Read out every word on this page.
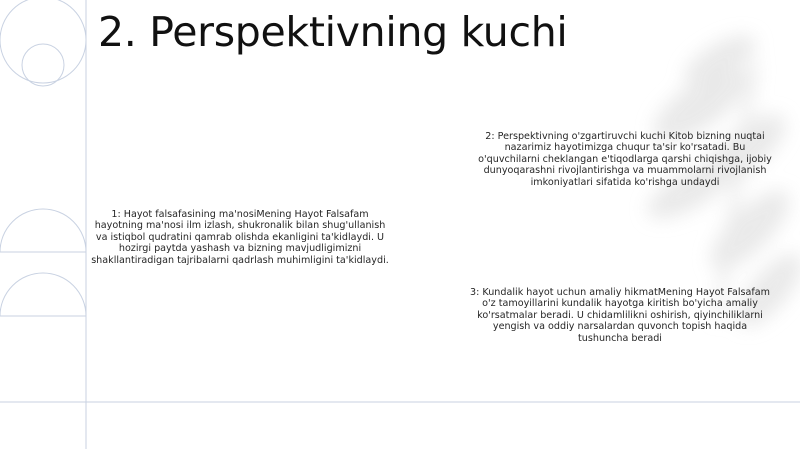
2. Perspektivning kuchi
1: Hayot falsafasining ma'nosiMening Hayot Falsafam hayotning ma'nosi ilm izlash, shukronalik bilan shug'ullanish va istiqbol qudratini qamrab olishda ekanligini ta'kidlaydi. U hozirgi paytda yashash va bizning mavjudligimizni shakllantiradigan tajribalarni qadrlash muhimligini ta'kidlaydi.
2: Perspektivning o'zgartiruvchi kuchi Kitob bizning nuqtai nazarimiz hayotimizga chuqur ta'sir ko'rsatadi. Bu o'quvchilarni cheklangan e'tiqodlarga qarshi chiqishga, ijobiy dunyoqarashni rivojlantirishga va muammolarni rivojlanish imkoniyatlari sifatida ko'rishga undaydi
3: Kundalik hayot uchun amaliy hikmatMening Hayot Falsafam o'z tamoyillarini kundalik hayotga kiritish bo'yicha amaliy ko'rsatmalar beradi. U chidamlilikni oshirish, qiyinchiliklarni yengish va oddiy narsalardan quvonch topish haqida tushuncha beradi
